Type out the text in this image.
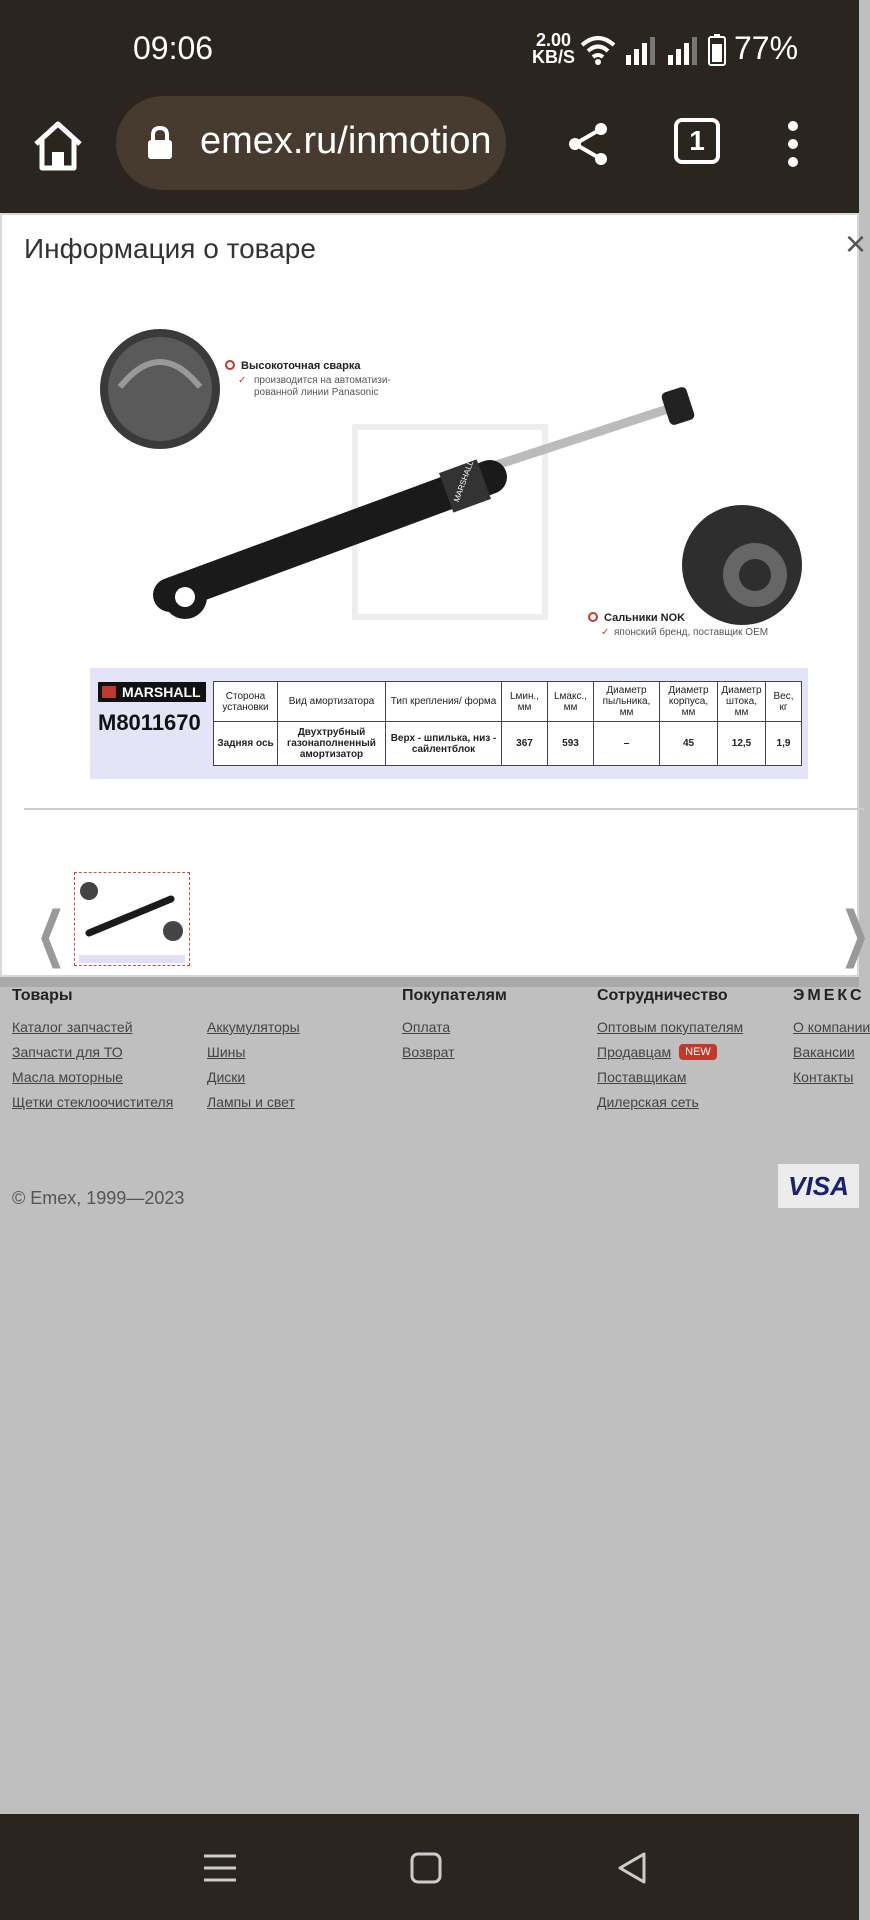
09:06	2.00
KB/S	77%
emex.ru/inmotion	1
Информация о товаре	×
Высокоточная сварка
✓ производится на автоматизи-
рованной линии Panasonic
MARSHALL
Сальники NOK
✓ японский бренд, поставщик OEM
MARSHALL
M8011670
Сторона установки	Вид амортизатора	Тип крепления/ форма	Lмин., мм	Lмакс., мм	Диаметр пыльника, мм	Диаметр корпуса, мм	Диаметр штока, мм	Вес, кг
Задняя ось	Двухтрубный газонаполненный амортизатор	Верх - шпилька, низ - сайлентблок	367	593	–	45	12,5	1,9
❮	❯
Товары
Каталог запчастей
Запчасти для ТО
Масла моторные
Щетки стеклоочистителя
Аккумуляторы
Шины
Диски
Лампы и свет
Покупателям
Оплата
Возврат
Сотрудничество
Оптовым покупателям
Продавцам	NEW
Поставщикам
Дилерская сеть
ЭМЕКС
О компании
Вакансии
Контакты
© Emex, 1999—2023	VISA
